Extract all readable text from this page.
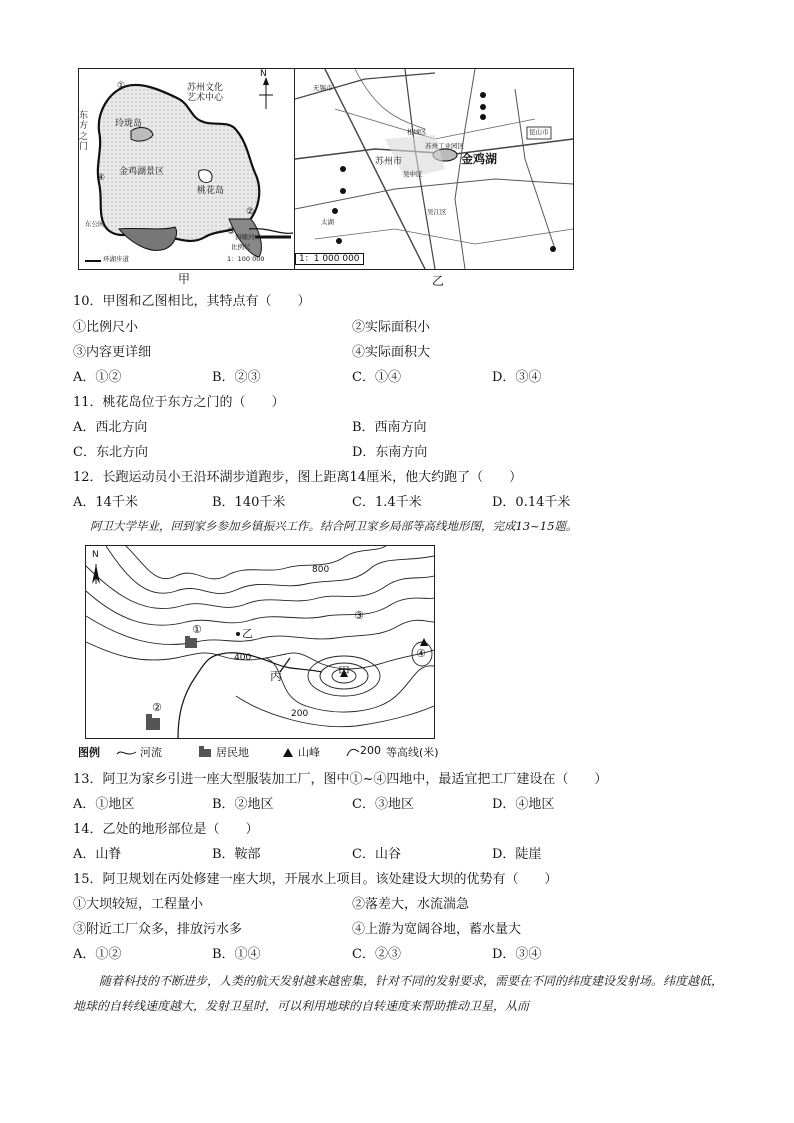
N
苏州文化
艺术中心
玲珑岛
东方之门
金鸡湖景区
桃花岛
东公园
斜塘河
比例尺
环湖步道	1：100 000
①
②
③
④
甲
无锡市
苏州市	金鸡湖
苏州工业园区
昆山市
相城区
吴中区
吴江区
太湖
1：1 000 000
乙
10．甲图和乙图相比，其特点有（　　）
①比例尺小	②实际面积小
③内容更详细	④实际面积大
A．①②	B．②③	C．①④	D．③④
11．桃花岛位于东方之门的（　　）
A．西北方向	B．西南方向
C．东北方向	D．东南方向
12．长跑运动员小王沿环湖步道跑步，图上距离14厘米，他大约跑了（　　）
A．14千米	B．140千米	C．1.4千米	D．0.14千米
阿卫大学毕业，回到家乡参加乡镇振兴工作。结合阿卫家乡局部等高线地形图，完成13~15题。
N
800
400
200
乙
甲
丙
①
②
③
④
图例	河流	居民地	山峰	200 等高线(米)
13．阿卫为家乡引进一座大型服装加工厂，图中①~④四地中，最适宜把工厂建设在（　　）
A．①地区	B．②地区	C．③地区	D．④地区
14．乙处的地形部位是（　　）
A．山脊	B．鞍部	C．山谷	D．陡崖
15．阿卫规划在丙处修建一座大坝，开展水上项目。该处建设大坝的优势有（　　）
①大坝较短，工程量小	②落差大，水流湍急
③附近工厂众多，排放污水多	④上游为宽阔谷地，蓄水量大
A．①②	B．①④	C．②③	D．③④
随着科技的不断进步，人类的航天发射越来越密集，针对不同的发射要求，需要在不同的纬度建设发射场。纬度越低，地球的自转线速度越大，发射卫星时，可以利用地球的自转速度来帮助推动卫星，从而
